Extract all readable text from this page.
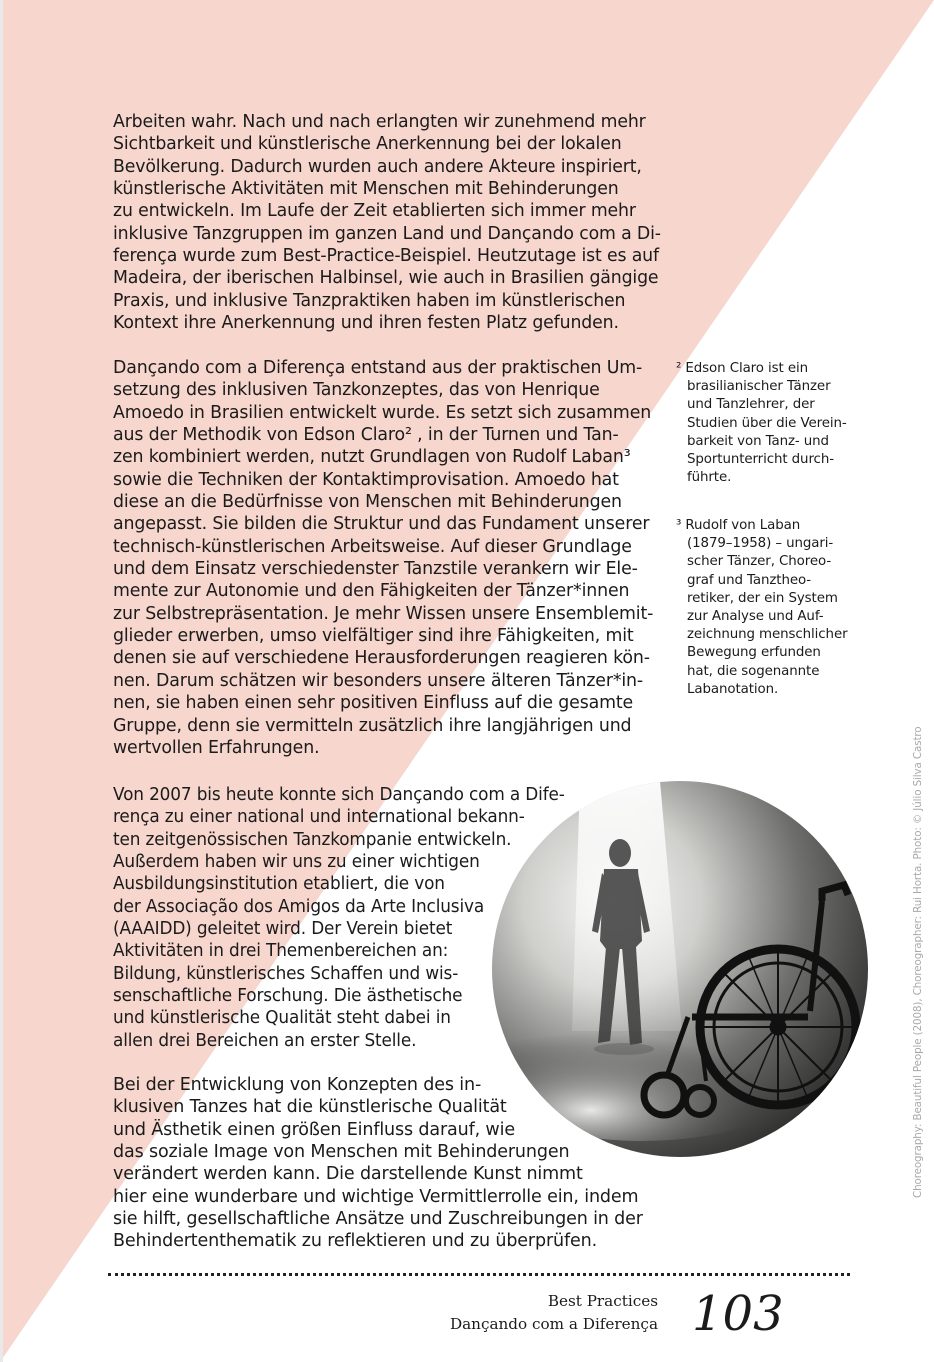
Arbeiten wahr. Nach und nach erlangten wir zunehmend mehr
Sichtbarkeit und künstlerische Anerkennung bei der lokalen
Bevölkerung. Dadurch wurden auch andere Akteure inspiriert,
künstlerische Aktivitäten mit Menschen mit Behinderungen
zu entwickeln. Im Laufe der Zeit etablierten sich immer mehr
inklusive Tanzgruppen im ganzen Land und Dançando com a Di-
ferença wurde zum Best-Practice-Beispiel. Heutzutage ist es auf
Madeira, der iberischen Halbinsel, wie auch in Brasilien gängige
Praxis, und inklusive Tanzpraktiken haben im künstlerischen
Kontext ihre Anerkennung und ihren festen Platz gefunden.
Dançando com a Diferença entstand aus der praktischen Um-
setzung des inklusiven Tanzkonzeptes, das von Henrique
Amoedo in Brasilien entwickelt wurde. Es setzt sich zusammen
aus der Methodik von Edson Claro² , in der Turnen und Tan-
zen kombiniert werden, nutzt Grundlagen von Rudolf Laban³
sowie die Techniken der Kontaktimprovisation. Amoedo hat
diese an die Bedürfnisse von Menschen mit Behinderungen
angepasst. Sie bilden die Struktur und das Fundament unserer
technisch-künstlerischen Arbeitsweise. Auf dieser Grundlage
und dem Einsatz verschiedenster Tanzstile verankern wir Ele-
mente zur Autonomie und den Fähigkeiten der Tänzer*innen
zur Selbstrepräsentation. Je mehr Wissen unsere Ensemblemit-
glieder erwerben, umso vielfältiger sind ihre Fähigkeiten, mit
denen sie auf verschiedene Herausforderungen reagieren kön-
nen. Darum schätzen wir besonders unsere älteren Tänzer*in-
nen, sie haben einen sehr positiven Einfluss auf die gesamte
Gruppe, denn sie vermitteln zusätzlich ihre langjährigen und
wertvollen Erfahrungen.
² Edson Claro ist ein
brasilianischer Tänzer
und Tanzlehrer, der
Studien über die Verein-
barkeit von Tanz- und
Sportunterricht durch-
führte.
³ Rudolf von Laban
(1879–1958) – ungari-
scher Tänzer, Choreo-
graf und Tanztheo-
retiker, der ein System
zur Analyse und Auf-
zeichnung menschlicher
Bewegung erfunden
hat, die sogenannte
Labanotation.
Von 2007 bis heute konnte sich Dançando com a Dife-
rença zu einer national und international bekann-
ten zeitgenössischen Tanzkompanie entwickeln.
Außerdem haben wir uns zu einer wichtigen
Ausbildungsinstitution etabliert, die von
der Associação dos Amigos da Arte Inclusiva
(AAAIDD) geleitet wird. Der Verein bietet
Aktivitäten in drei Themenbereichen an:
Bildung, künstlerisches Schaffen und wis-
senschaftliche Forschung. Die ästhetische
und künstlerische Qualität steht dabei in
allen drei Bereichen an erster Stelle.
Bei der Entwicklung von Konzepten des in-
klusiven Tanzes hat die künstlerische Qualität
und Ästhetik einen größen Einfluss darauf, wie
das soziale Image von Menschen mit Behinderungen
verändert werden kann. Die darstellende Kunst nimmt
hier eine wunderbare und wichtige Vermittlerrolle ein, indem
sie hilft, gesellschaftliche Ansätze und Zuschreibungen in der
Behindertenthematik zu reflektieren und zu überprüfen.
Choreography: Beautiful People (2008), Choreographer: Rui Horta. Photo: © Júlio Silva Castro
Best Practices
Dançando com a Diferença 103
